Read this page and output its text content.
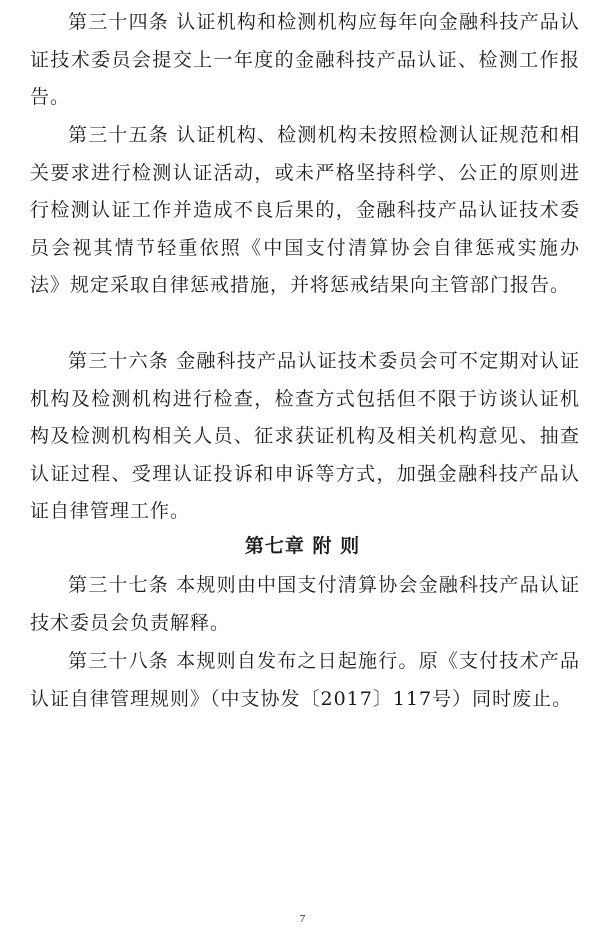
第三十四条 认证机构和检测机构应每年向金融科技产品认证技术委员会提交上一年度的金融科技产品认证、检测工作报告。

第三十五条 认证机构、检测机构未按照检测认证规范和相关要求进行检测认证活动，或未严格坚持科学、公正的原则进行检测认证工作并造成不良后果的，金融科技产品认证技术委员会视其情节轻重依照《中国支付清算协会自律惩戒实施办法》规定采取自律惩戒措施，并将惩戒结果向主管部门报告。

第三十六条 金融科技产品认证技术委员会可不定期对认证机构及检测机构进行检查，检查方式包括但不限于访谈认证机构及检测机构相关人员、征求获证机构及相关机构意见、抽查认证过程、受理认证投诉和申诉等方式，加强金融科技产品认证自律管理工作。

第七章 附 则

第三十七条 本规则由中国支付清算协会金融科技产品认证技术委员会负责解释。

第三十八条 本规则自发布之日起施行。原《支付技术产品认证自律管理规则》（中支协发〔2017〕117号）同时废止。

7
